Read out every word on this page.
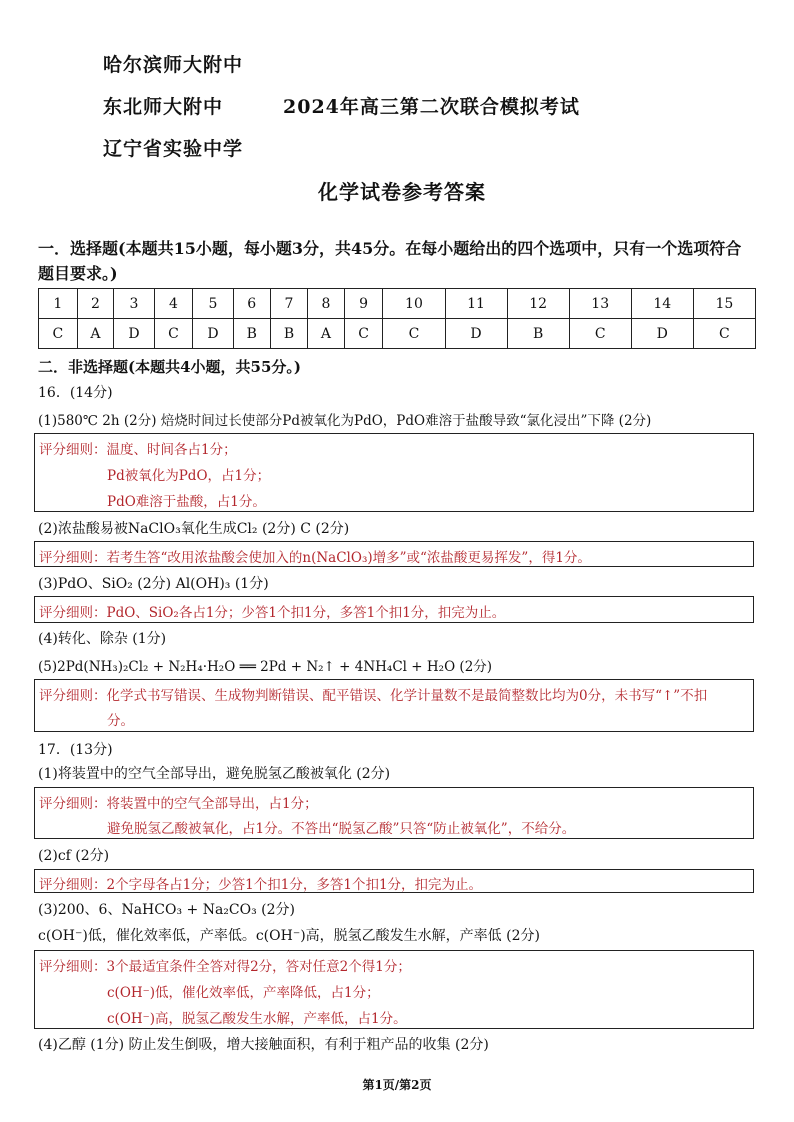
哈尔滨师大附中
东北师大附中	2024年高三第二次联合模拟考试
辽宁省实验中学
化学试卷参考答案
一．选择题(本题共15小题，每小题3分，共45分。在每小题给出的四个选项中，只有一个选项符合
题目要求。)
1	2	3	4	5	6	7	8	9	10	11	12	13	14	15
C	A	D	C	D	B	B	A	C	C	D	B	C	D	C
二．非选择题(本题共4小题，共55分。)
16．(14分)
(1)580℃ 2h (2分) 焙烧时间过长使部分Pd被氧化为PdO，PdO难溶于盐酸导致“氯化浸出”下降 (2分)
评分细则：温度、时间各占1分；
Pd被氧化为PdO，占1分；
PdO难溶于盐酸，占1分。
(2)浓盐酸易被NaClO₃氧化生成Cl₂ (2分) C (2分)
评分细则：若考生答“改用浓盐酸会使加入的n(NaClO₃)增多”或“浓盐酸更易挥发”，得1分。
(3)PdO、SiO₂ (2分) Al(OH)₃ (1分)
评分细则：PdO、SiO₂各占1分；少答1个扣1分，多答1个扣1分，扣完为止。
(4)转化、除杂 (1分)
(5)2Pd(NH₃)₂Cl₂ + N₂H₄·H₂O ══ 2Pd + N₂↑ + 4NH₄Cl + H₂O (2分)
评分细则：化学式书写错误、生成物判断错误、配平错误、化学计量数不是最简整数比均为0分，未书写“↑”不扣
分。
17．(13分)
(1)将装置中的空气全部导出，避免脱氢乙酸被氧化 (2分)
评分细则：将装置中的空气全部导出，占1分；
避免脱氢乙酸被氧化，占1分。不答出“脱氢乙酸”只答“防止被氧化”，不给分。
(2)cf (2分)
评分细则：2个字母各占1分；少答1个扣1分，多答1个扣1分，扣完为止。
(3)200、6、NaHCO₃ + Na₂CO₃ (2分)
c(OH⁻)低，催化效率低，产率低。c(OH⁻)高，脱氢乙酸发生水解，产率低 (2分)
评分细则：3个最适宜条件全答对得2分，答对任意2个得1分；
c(OH⁻)低，催化效率低，产率降低，占1分；
c(OH⁻)高，脱氢乙酸发生水解，产率低，占1分。
(4)乙醇 (1分) 防止发生倒吸，增大接触面积，有利于粗产品的收集 (2分)
第1页/第2页
